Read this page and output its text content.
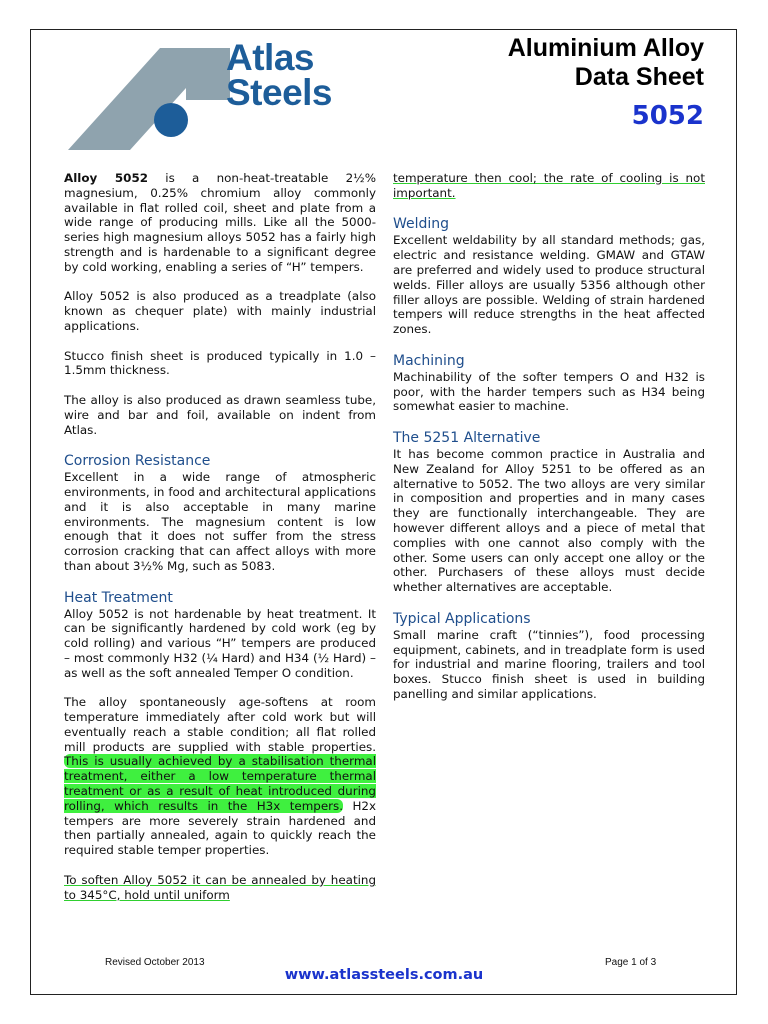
Atlas
Steels
Aluminium Alloy
Data Sheet
5052

Alloy 5052 is a non-heat-treatable 2½% magnesium, 0.25% chromium alloy commonly available in flat rolled coil, sheet and plate from a wide range of producing mills. Like all the 5000-series high magnesium alloys 5052 has a fairly high strength and is hardenable to a significant degree by cold working, enabling a series of “H” tempers.

Alloy 5052 is also produced as a treadplate (also known as chequer plate) with mainly industrial applications.

Stucco finish sheet is produced typically in 1.0 – 1.5mm thickness.

The alloy is also produced as drawn seamless tube, wire and bar and foil, available on indent from Atlas.

Corrosion Resistance

Excellent in a wide range of atmospheric environments, in food and architectural applications and it is also acceptable in many marine environments. The magnesium content is low enough that it does not suffer from the stress corrosion cracking that can affect alloys with more than about 3½% Mg, such as 5083.

Heat Treatment

Alloy 5052 is not hardenable by heat treatment. It can be significantly hardened by cold work (eg by cold rolling) and various “H” tempers are produced – most commonly H32 (¼ Hard) and H34 (½ Hard) – as well as the soft annealed Temper O condition.

The alloy spontaneously age-softens at room temperature immediately after cold work but will eventually reach a stable condition; all flat rolled mill products are supplied with stable properties. This is usually achieved by a stabilisation thermal treatment, either a low temperature thermal treatment or as a result of heat introduced during rolling, which results in the H3x tempers. H2x tempers are more severely strain hardened and then partially annealed, again to quickly reach the required stable temper properties.

To soften Alloy 5052 it can be annealed by heating to 345°C, hold until uniform

temperature then cool; the rate of cooling is not important.

Welding

Excellent weldability by all standard methods; gas, electric and resistance welding. GMAW and GTAW are preferred and widely used to produce structural welds. Filler alloys are usually 5356 although other filler alloys are possible. Welding of strain hardened tempers will reduce strengths in the heat affected zones.

Machining

Machinability of the softer tempers O and H32 is poor, with the harder tempers such as H34 being somewhat easier to machine.

The 5251 Alternative

It has become common practice in Australia and New Zealand for Alloy 5251 to be offered as an alternative to 5052. The two alloys are very similar in composition and properties and in many cases they are functionally interchangeable. They are however different alloys and a piece of metal that complies with one cannot also comply with the other. Some users can only accept one alloy or the other. Purchasers of these alloys must decide whether alternatives are acceptable.

Typical Applications

Small marine craft (“tinnies”), food processing equipment, cabinets, and in treadplate form is used for industrial and marine flooring, trailers and tool boxes. Stucco finish sheet is used in building panelling and similar applications.

Revised October 2013	Page 1 of 3
www.atlassteels.com.au
